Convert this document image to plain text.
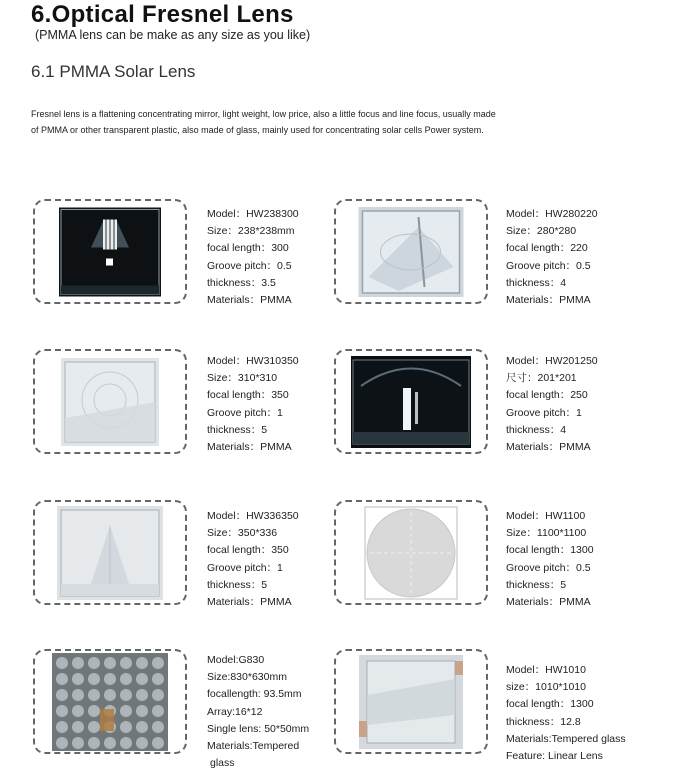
6.Optical Fresnel Lens
(PMMA lens can be make as any size as you like)
6.1 PMMA Solar Lens
Fresnel lens is a flattening concentrating mirror, light weight, low price, also a little focus and line focus, usually made
of PMMA or other transparent plastic, also made of glass, mainly used for concentrating solar cells Power system.
Model：HW238300
Size：238*238mm
focal length：300
Groove pitch：0.5
thickness：3.5
Materials：PMMA
Model：HW280220
Size：280*280
focal length：220
Groove pitch：0.5
thickness：4
Materials：PMMA
Model：HW310350
Size：310*310
focal length：350
Groove pitch：1
thickness：5
Materials：PMMA
Model：HW201250
尺寸：201*201
focal length：250
Groove pitch：1
thickness：4
Materials：PMMA
Model：HW336350
Size：350*336
focal length：350
Groove pitch：1
thickness：5
Materials：PMMA
Model：HW1100
Size：1100*1100
focal length：1300
Groove pitch：0.5
thickness：5
Materials：PMMA
Model:G830
Size:830*630mm
focallength: 93.5mm
Array:16*12
Single lens: 50*50mm
Materials:Tempered
glass
Model：HW1010
size：1010*1010
focal length：1300
thickness：12.8
Materials:Tempered glass
Feature: Linear Lens
